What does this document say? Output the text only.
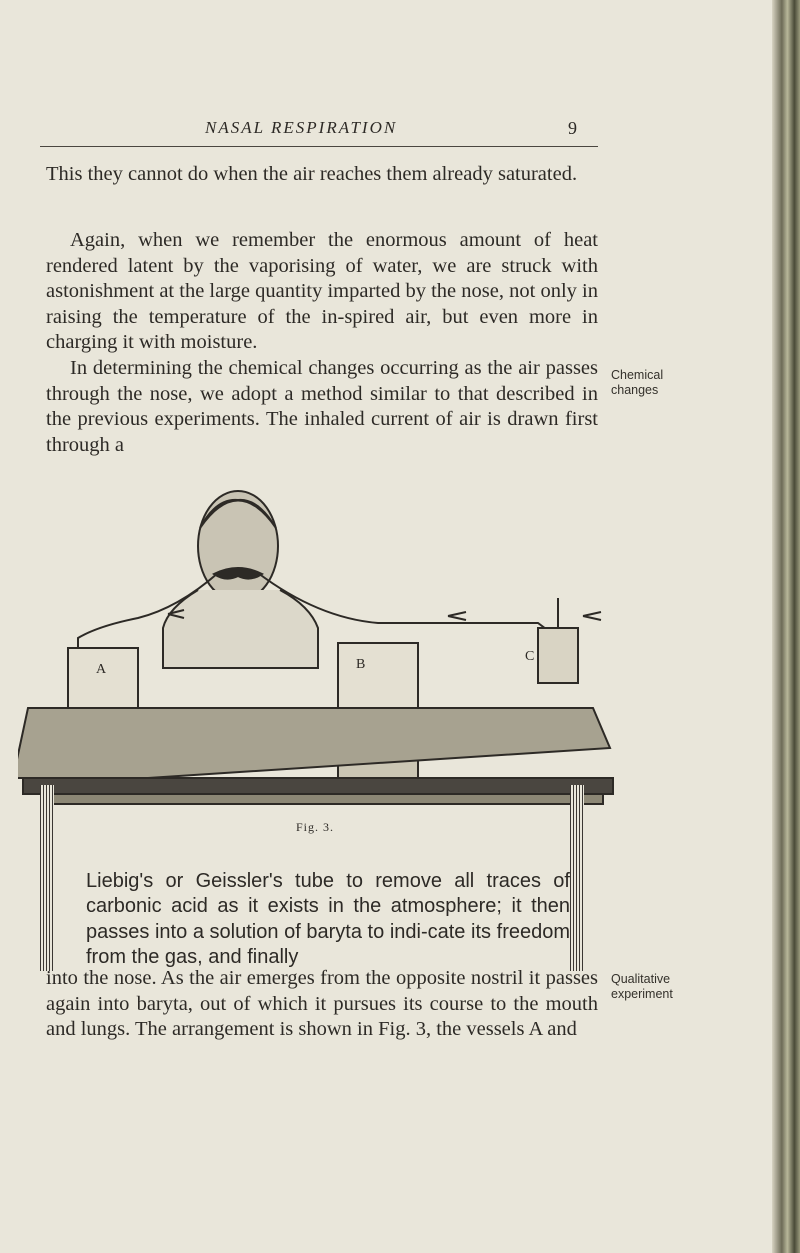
NASAL RESPIRATION	9

This they cannot do when the air reaches them already saturated.

Again, when we remember the enormous amount of heat rendered latent by the vaporising of water, we are struck with astonishment at the large quantity imparted by the nose, not only in raising the temperature of the in-spired air, but even more in charging it with moisture.

In determining the chemical changes occurring as the air passes through the nose, we adopt a method similar to that described in the previous experiments. The inhaled current of air is drawn first through a

Chemical changes
A	B
C
Fig. 3.
Liebig's or Geissler's tube to remove all traces of carbonic acid as it exists in the atmosphere; it then passes into a solution of baryta to indi-cate its freedom from the gas, and finally

into the nose. As the air emerges from the opposite nostril it passes again into baryta, out of which it pursues its course to the mouth and lungs. The arrangement is shown in Fig. 3, the vessels A and

Qualitative experiment
